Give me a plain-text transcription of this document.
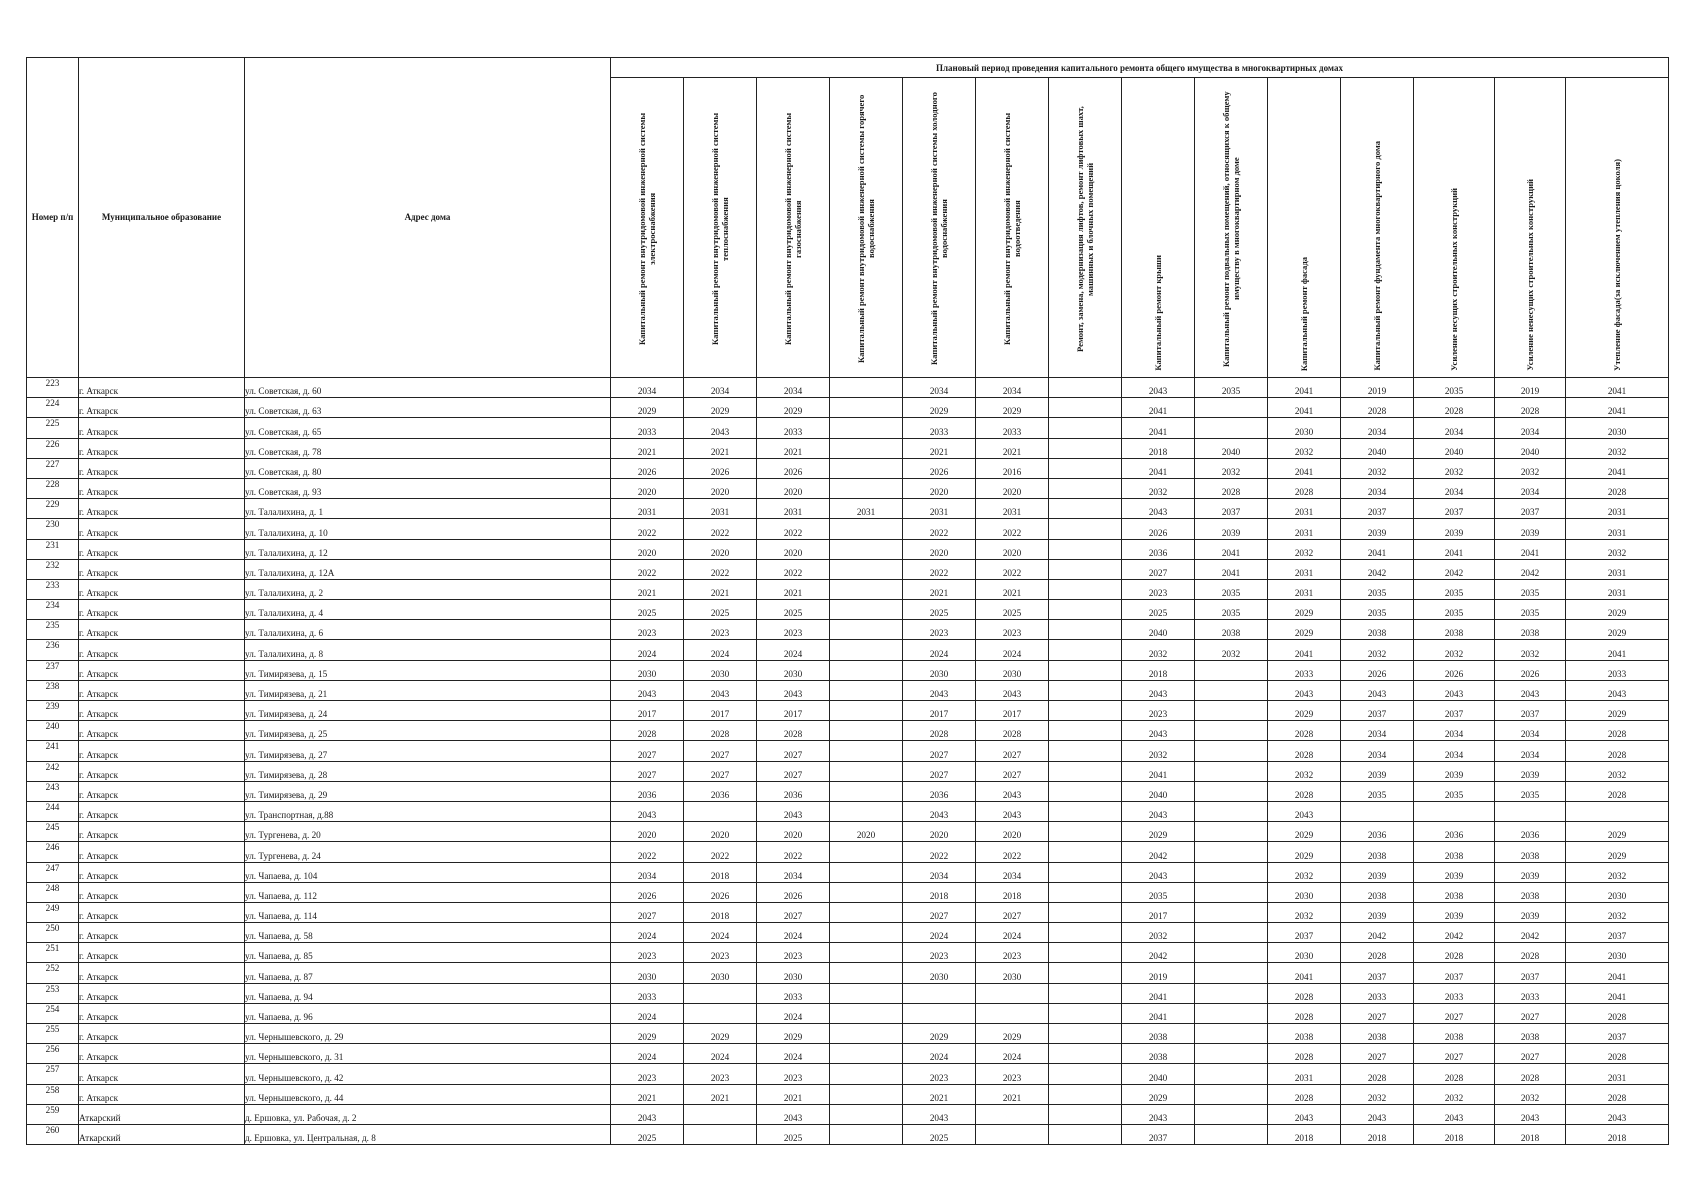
Номер п/п	Муниципальное образование	Адрес дома	Плановый период проведения капитального ремонта общего имущества в многоквартирных домах													

			Капитальный ремонт внутридомовой инженерной системы электроснабжения	Капитальный ремонт внутридомовой инженерной системы теплоснабжения	Капитальный ремонт внутридомовой инженерной системы газоснабжения	Капитальный ремонт внутридомовой инженерной системы горячего водоснабжения	Капитальный ремонт внутридомовой инженерной системы холодного водоснабжения	Капитальный ремонт внутридомовой инженерной системы водоотведения	Ремонт, замена, модернизация лифтов, ремонт лифтовых шахт, машинных и блочных помещений	Капитальный ремонт крыши	Капитальный ремонт подвальных помещений, относящихся к общему имуществу в многоквартирном доме	Капитальный ремонт фасада	Капитальный ремонт фундамента многоквартирного дома	Усиление несущих строительных конструкций	Усиление ненесущих строительных конструкций	Утепление фасада(за исключением утепления цоколя)

223	г. Аткарск	ул. Советская, д. 60	2034	2034	2034		2034	2034		2043	2035	2041	2019	2035	2019	2041
224	г. Аткарск	ул. Советская, д. 63	2029	2029	2029		2029	2029		2041		2041	2028	2028	2028	2041
225	г. Аткарск	ул. Советская, д. 65	2033	2043	2033		2033	2033		2041		2030	2034	2034	2034	2030
226	г. Аткарск	ул. Советская, д. 78	2021	2021	2021		2021	2021		2018	2040	2032	2040	2040	2040	2032
227	г. Аткарск	ул. Советская, д. 80	2026	2026	2026		2026	2016		2041	2032	2041	2032	2032	2032	2041
228	г. Аткарск	ул. Советская, д. 93	2020	2020	2020		2020	2020		2032	2028	2028	2034	2034	2034	2028
229	г. Аткарск	ул. Талалихина, д. 1	2031	2031	2031	2031	2031	2031		2043	2037	2031	2037	2037	2037	2031
230	г. Аткарск	ул. Талалихина, д. 10	2022	2022	2022		2022	2022		2026	2039	2031	2039	2039	2039	2031
231	г. Аткарск	ул. Талалихина, д. 12	2020	2020	2020		2020	2020		2036	2041	2032	2041	2041	2041	2032
232	г. Аткарск	ул. Талалихина, д. 12А	2022	2022	2022		2022	2022		2027	2041	2031	2042	2042	2042	2031
233	г. Аткарск	ул. Талалихина, д. 2	2021	2021	2021		2021	2021		2023	2035	2031	2035	2035	2035	2031
234	г. Аткарск	ул. Талалихина, д. 4	2025	2025	2025		2025	2025		2025	2035	2029	2035	2035	2035	2029
235	г. Аткарск	ул. Талалихина, д. 6	2023	2023	2023		2023	2023		2040	2038	2029	2038	2038	2038	2029
236	г. Аткарск	ул. Талалихина, д. 8	2024	2024	2024		2024	2024		2032	2032	2041	2032	2032	2032	2041
237	г. Аткарск	ул. Тимирязева, д. 15	2030	2030	2030		2030	2030		2018		2033	2026	2026	2026	2033
238	г. Аткарск	ул. Тимирязева, д. 21	2043	2043	2043		2043	2043		2043		2043	2043	2043	2043	2043
239	г. Аткарск	ул. Тимирязева, д. 24	2017	2017	2017		2017	2017		2023		2029	2037	2037	2037	2029
240	г. Аткарск	ул. Тимирязева, д. 25	2028	2028	2028		2028	2028		2043		2028	2034	2034	2034	2028
241	г. Аткарск	ул. Тимирязева, д. 27	2027	2027	2027		2027	2027		2032		2028	2034	2034	2034	2028
242	г. Аткарск	ул. Тимирязева, д. 28	2027	2027	2027		2027	2027		2041		2032	2039	2039	2039	2032
243	г. Аткарск	ул. Тимирязева, д. 29	2036	2036	2036		2036	2043		2040		2028	2035	2035	2035	2028
244	г. Аткарск	ул. Транспортная, д.88	2043		2043		2043	2043		2043		2043				
245	г. Аткарск	ул. Тургенева, д. 20	2020	2020	2020	2020	2020	2020		2029		2029	2036	2036	2036	2029
246	г. Аткарск	ул. Тургенева, д. 24	2022	2022	2022		2022	2022		2042		2029	2038	2038	2038	2029
247	г. Аткарск	ул. Чапаева, д. 104	2034	2018	2034		2034	2034		2043		2032	2039	2039	2039	2032
248	г. Аткарск	ул. Чапаева, д. 112	2026	2026	2026		2018	2018		2035		2030	2038	2038	2038	2030
249	г. Аткарск	ул. Чапаева, д. 114	2027	2018	2027		2027	2027		2017		2032	2039	2039	2039	2032
250	г. Аткарск	ул. Чапаева, д. 58	2024	2024	2024		2024	2024		2032		2037	2042	2042	2042	2037
251	г. Аткарск	ул. Чапаева, д. 85	2023	2023	2023		2023	2023		2042		2030	2028	2028	2028	2030
252	г. Аткарск	ул. Чапаева, д. 87	2030	2030	2030		2030	2030		2019		2041	2037	2037	2037	2041
253	г. Аткарск	ул. Чапаева, д. 94	2033		2033					2041		2028	2033	2033	2033	2041
254	г. Аткарск	ул. Чапаева, д. 96	2024		2024					2041		2028	2027	2027	2027	2028
255	г. Аткарск	ул. Чернышевского, д. 29	2029	2029	2029		2029	2029		2038		2038	2038	2038	2038	2037
256	г. Аткарск	ул. Чернышевского, д. 31	2024	2024	2024		2024	2024		2038		2028	2027	2027	2027	2028
257	г. Аткарск	ул. Чернышевского, д. 42	2023	2023	2023		2023	2023		2040		2031	2028	2028	2028	2031
258	г. Аткарск	ул. Чернышевского, д. 44	2021	2021	2021		2021	2021		2029		2028	2032	2032	2032	2028
259	Аткарский	д. Ершовка, ул. Рабочая, д. 2	2043		2043		2043			2043		2043	2043	2043	2043	2043
260	Аткарский	д. Ершовка, ул. Центральная, д. 8	2025		2025		2025			2037		2018	2018	2018	2018	2018
